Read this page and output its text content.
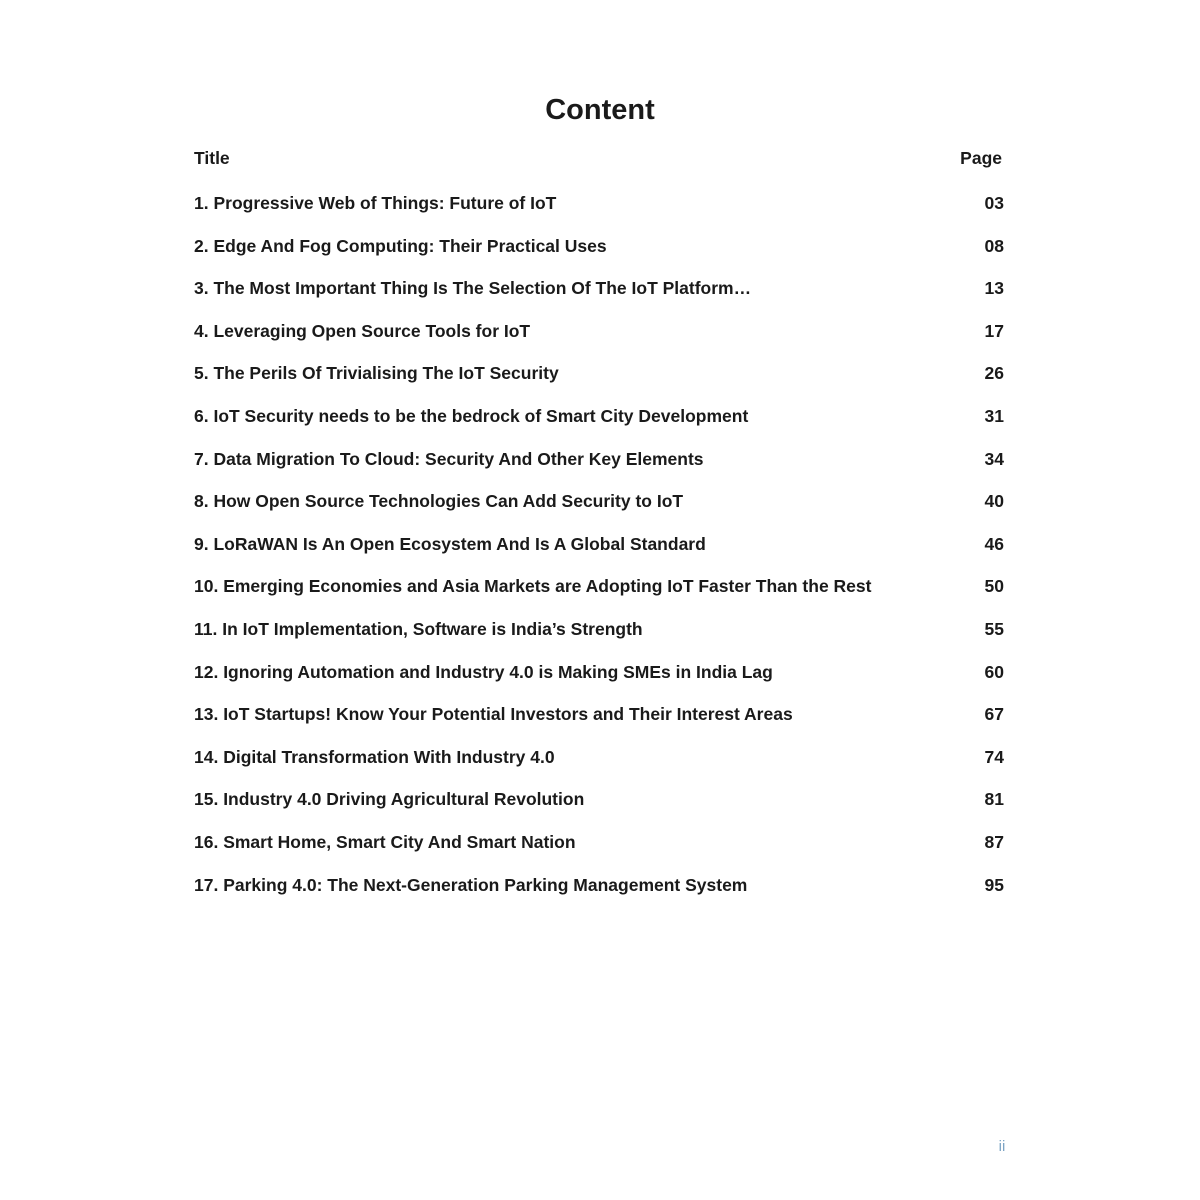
Content
Title	Page
1. Progressive Web of Things: Future of IoT	03
2. Edge And Fog Computing: Their Practical Uses	08
3. The Most Important Thing Is The Selection Of The IoT Platform…	13
4. Leveraging Open Source Tools for IoT	17
5. The Perils Of Trivialising The IoT Security	26
6. IoT Security needs to be the bedrock of Smart City Development	31
7. Data Migration To Cloud: Security And Other Key Elements	34
8. How Open Source Technologies Can Add Security to IoT	40
9. LoRaWAN Is An Open Ecosystem And Is A Global Standard	46
10. Emerging Economies and Asia Markets are Adopting IoT Faster Than the Rest	50
11. In IoT Implementation, Software is India’s Strength	55
12. Ignoring Automation and Industry 4.0 is Making SMEs in India Lag	60
13. IoT Startups! Know Your Potential Investors and Their Interest Areas	67
14. Digital Transformation With Industry 4.0	74
15. Industry 4.0 Driving Agricultural Revolution	81
16. Smart Home, Smart City And Smart Nation	87
17. Parking 4.0: The Next-Generation Parking Management System	95
ii
